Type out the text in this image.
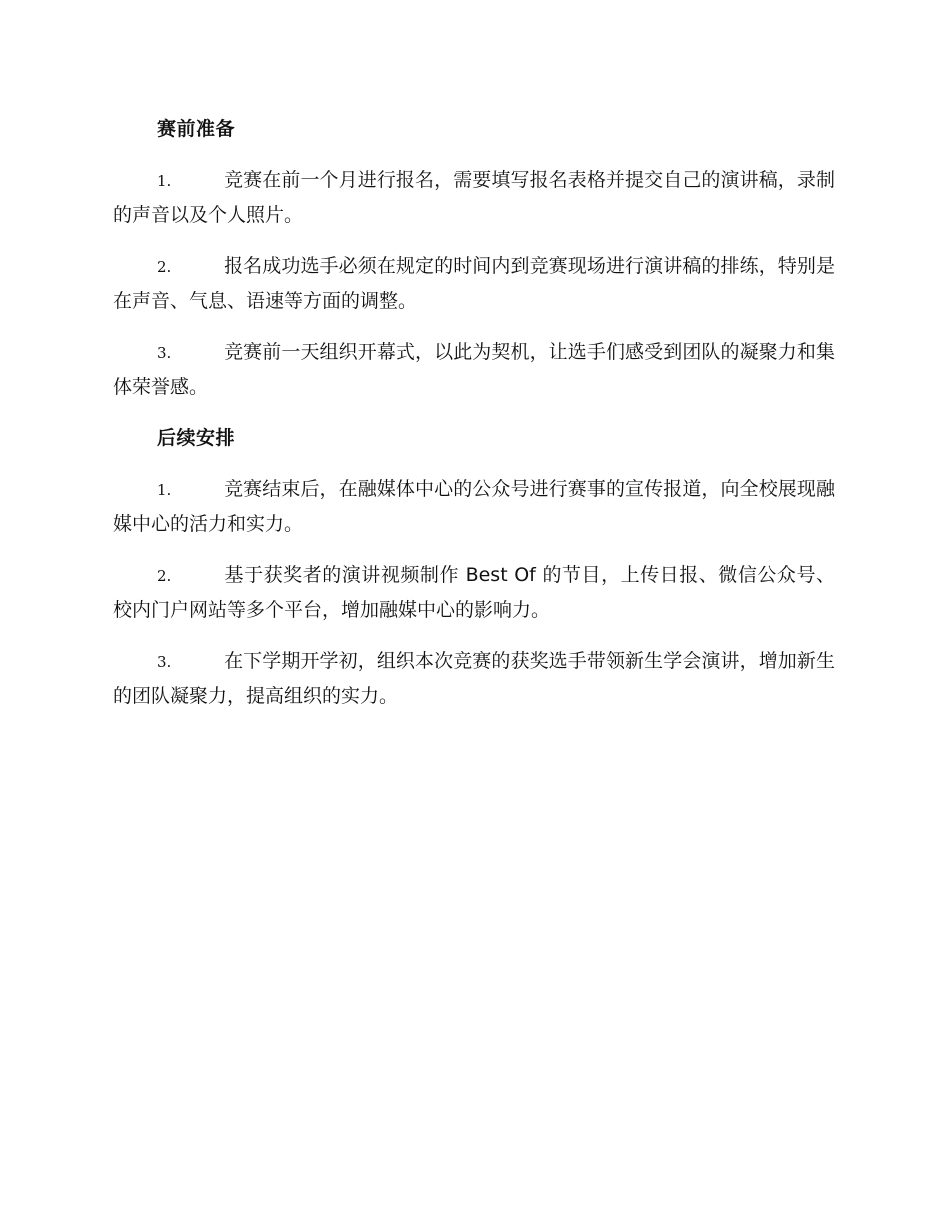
赛前准备

1.	竞赛在前一个月进行报名，需要填写报名表格并提交自己的演讲稿，录制的声音以及个人照片。

2.	报名成功选手必须在规定的时间内到竞赛现场进行演讲稿的排练，特别是在声音、气息、语速等方面的调整。

3.	竞赛前一天组织开幕式，以此为契机，让选手们感受到团队的凝聚力和集体荣誉感。

后续安排

1.	竞赛结束后，在融媒体中心的公众号进行赛事的宣传报道，向全校展现融媒中心的活力和实力。

2.	基于获奖者的演讲视频制作 Best Of 的节目，上传日报、微信公众号、校内门户网站等多个平台，增加融媒中心的影响力。

3.	在下学期开学初，组织本次竞赛的获奖选手带领新生学会演讲，增加新生的团队凝聚力，提高组织的实力。
